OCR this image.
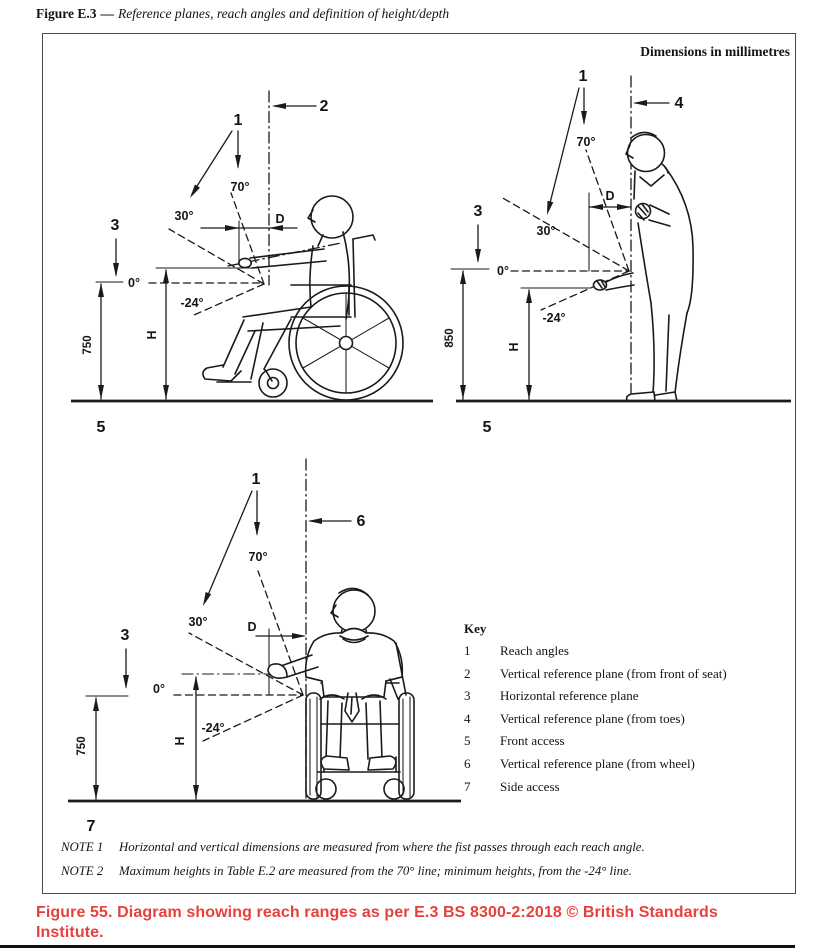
Figure E.3 — Reference planes, reach angles and definition of height/depth
Dimensions in millimetres
1
2
3
5
70°
30°
0°
-24°
750
H
D
1
4
3
5
70°
30°
0°
-24°
850	H
D
1
6
3
7
70°
30°
0°
-24°
750	H
D	Key
1	Reach angles
2	Vertical reference plane (from front of seat)
3	Horizontal reference plane
4	Vertical reference plane (from toes)
5	Front access
6	Vertical reference plane (from wheel)
7	Side access
NOTE 1	Horizontal and vertical dimensions are measured from where the fist passes through each reach angle.
NOTE 2	Maximum heights in Table E.2 are measured from the 70° line; minimum heights, from the -24° line.
Figure 55. Diagram showing reach ranges as per E.3 BS 8300-2:2018 © British Standards Institute.
